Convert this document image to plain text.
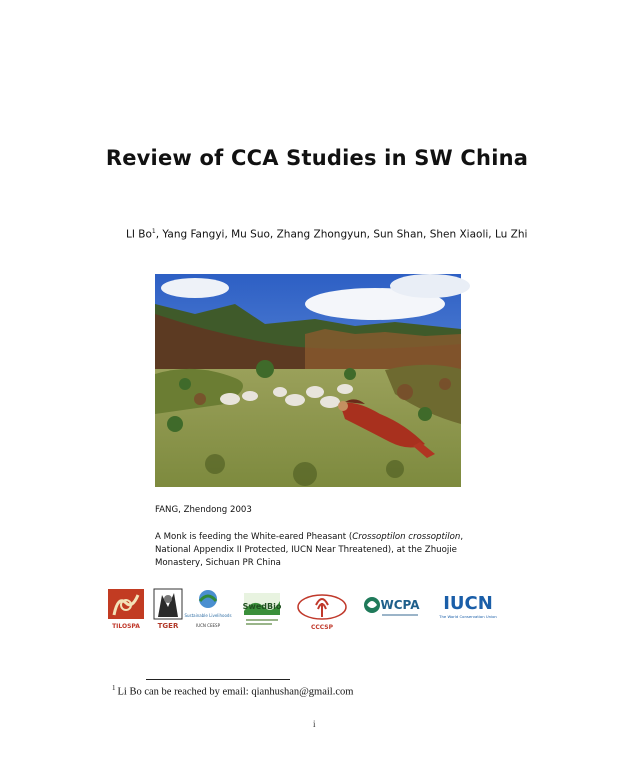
Review of CCA Studies in SW China
LI Bo$^1$, Yang Fangyi, Mu Suo, Zhang Zhongyun, Sun Shan, Shen Xiaoli, Lu Zhi
FANG, Zhendong 2003
A Monk is feeding the White-eared Pheasant (Crossoptilon crossoptilon, National Appendix II Protected, IUCN Near Threatened), at the Zhuojie Monastery, Sichuan PR China
TILOSPA	TGER
Sustainable Livelihoods
IUCN CEESP
SwedBio
CCCSP
WCPA IUCN
The World Conservation Union
$^1$ Li Bo can be reached by email: qianhushan@gmail.com
i
